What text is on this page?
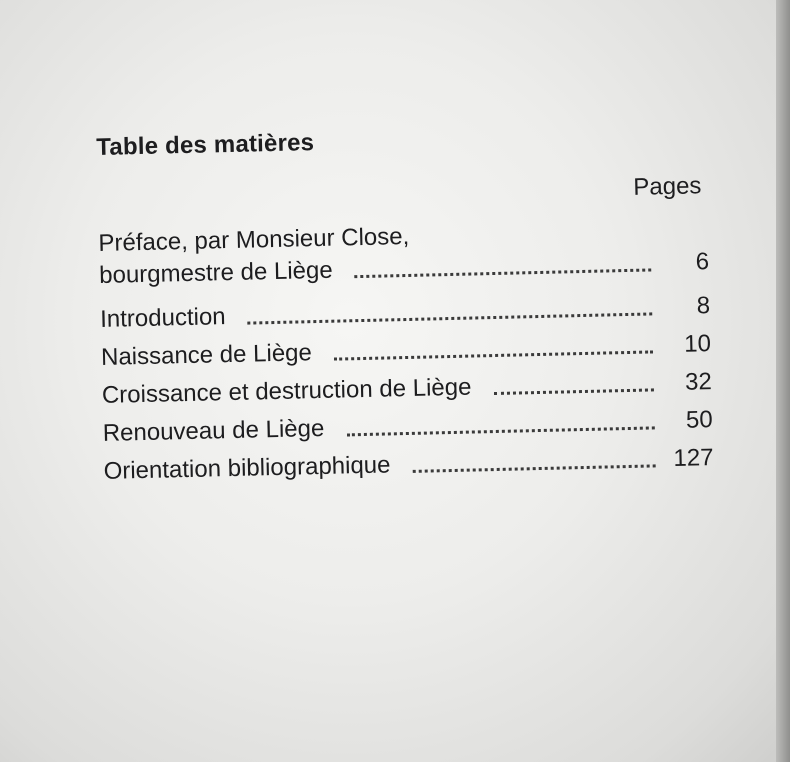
Table des matières
Pages
Préface, par Monsieur Close,
bourgmestre de Liège	6
Introduction	8
Naissance de Liège	10
Croissance et destruction de Liège	32
Renouveau de Liège	50
Orientation bibliographique	127
